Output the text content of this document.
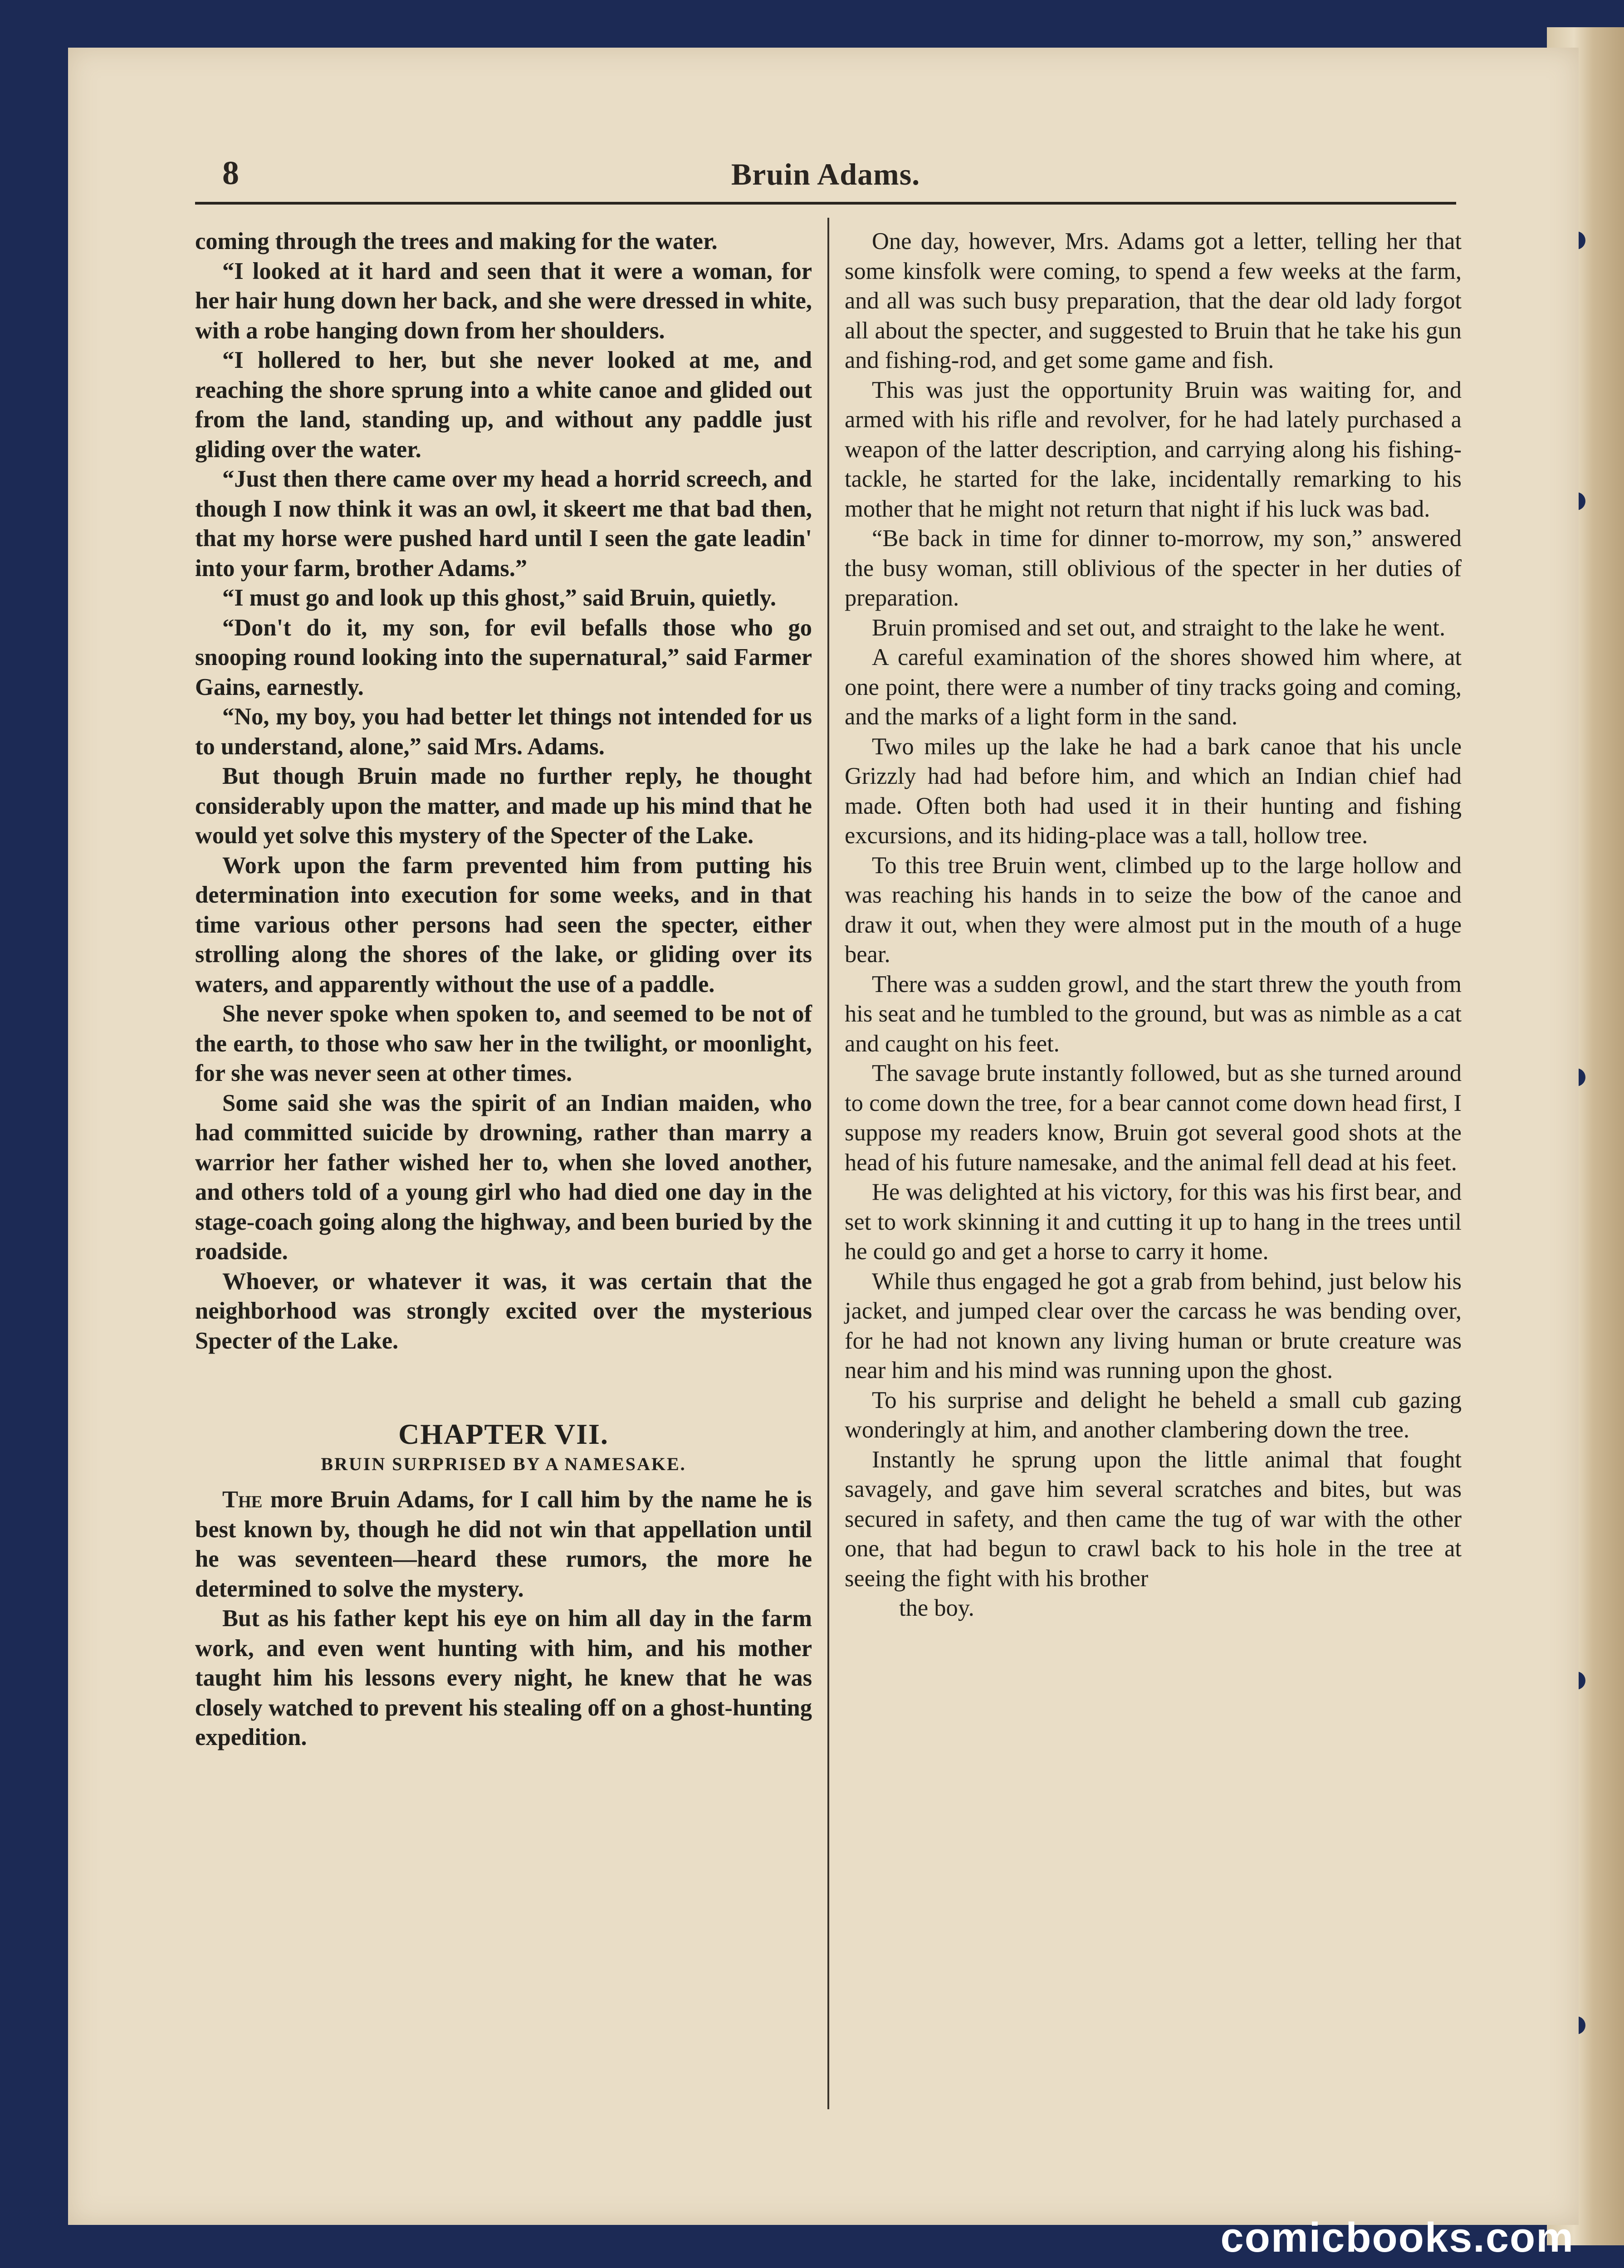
8	Bruin Adams.

coming through the trees and making for the water.

“I looked at it hard and seen that it were a woman, for her hair hung down her back, and she were dressed in white, with a robe hanging down from her shoulders.

“I hollered to her, but she never looked at me, and reaching the shore sprung into a white canoe and glided out from the land, standing up, and without any paddle just gliding over the water.

“Just then there came over my head a horrid screech, and though I now think it was an owl, it skeert me that bad then, that my horse were pushed hard until I seen the gate leadin' into your farm, brother Adams.”

“I must go and look up this ghost,” said Bruin, quietly.

“Don't do it, my son, for evil befalls those who go snooping round looking into the supernatural,” said Farmer Gains, earnestly.

“No, my boy, you had better let things not intended for us to understand, alone,” said Mrs. Adams.

But though Bruin made no further reply, he thought considerably upon the matter, and made up his mind that he would yet solve this mystery of the Specter of the Lake.

Work upon the farm prevented him from putting his determination into execution for some weeks, and in that time various other persons had seen the specter, either strolling along the shores of the lake, or gliding over its waters, and apparently without the use of a paddle.

She never spoke when spoken to, and seemed to be not of the earth, to those who saw her in the twilight, or moonlight, for she was never seen at other times.

Some said she was the spirit of an Indian maiden, who had committed suicide by drowning, rather than marry a warrior her father wished her to, when she loved another, and others told of a young girl who had died one day in the stage-coach going along the highway, and been buried by the roadside.

Whoever, or whatever it was, it was certain that the neighborhood was strongly excited over the mysterious Specter of the Lake.

CHAPTER VII.
BRUIN SURPRISED BY A NAMESAKE.

The more Bruin Adams, for I call him by the name he is best known by, though he did not win that appellation until he was seventeen—heard these rumors, the more he determined to solve the mystery.

But as his father kept his eye on him all day in the farm work, and even went hunting with him, and his mother taught him his lessons every night, he knew that he was closely watched to prevent his stealing off on a ghost-hunting expedition.

One day, however, Mrs. Adams got a letter, telling her that some kinsfolk were coming, to spend a few weeks at the farm, and all was such busy preparation, that the dear old lady forgot all about the specter, and suggested to Bruin that he take his gun and fishing-rod, and get some game and fish.

This was just the opportunity Bruin was waiting for, and armed with his rifle and revolver, for he had lately purchased a weapon of the latter description, and carrying along his fishing-tackle, he started for the lake, incidentally remarking to his mother that he might not return that night if his luck was bad.

“Be back in time for dinner to-morrow, my son,” answered the busy woman, still oblivious of the specter in her duties of preparation.

Bruin promised and set out, and straight to the lake he went.

A careful examination of the shores showed him where, at one point, there were a number of tiny tracks going and coming, and the marks of a light form in the sand.

Two miles up the lake he had a bark canoe that his uncle Grizzly had had before him, and which an Indian chief had made. Often both had used it in their hunting and fishing excursions, and its hiding-place was a tall, hollow tree.

To this tree Bruin went, climbed up to the large hollow and was reaching his hands in to seize the bow of the canoe and draw it out, when they were almost put in the mouth of a huge bear.

There was a sudden growl, and the start threw the youth from his seat and he tumbled to the ground, but was as nimble as a cat and caught on his feet.

The savage brute instantly followed, but as she turned around to come down the tree, for a bear cannot come down head first, I suppose my readers know, Bruin got several good shots at the head of his future namesake, and the animal fell dead at his feet.

He was delighted at his victory, for this was his first bear, and set to work skinning it and cutting it up to hang in the trees until he could go and get a horse to carry it home.

While thus engaged he got a grab from behind, just below his jacket, and jumped clear over the carcass he was bending over, for he had not known any living human or brute creature was near him and his mind was running upon the ghost.

To his surprise and delight he beheld a small cub gazing wonderingly at him, and another clambering down the tree.

Instantly he sprung upon the little animal that fought savagely, and gave him several scratches and bites, but was secured in safety, and then came the tug of war with the other one, that had begun to crawl back to his hole in the tree at seeing the fight with his brother

the boy.

comicbooks.com
